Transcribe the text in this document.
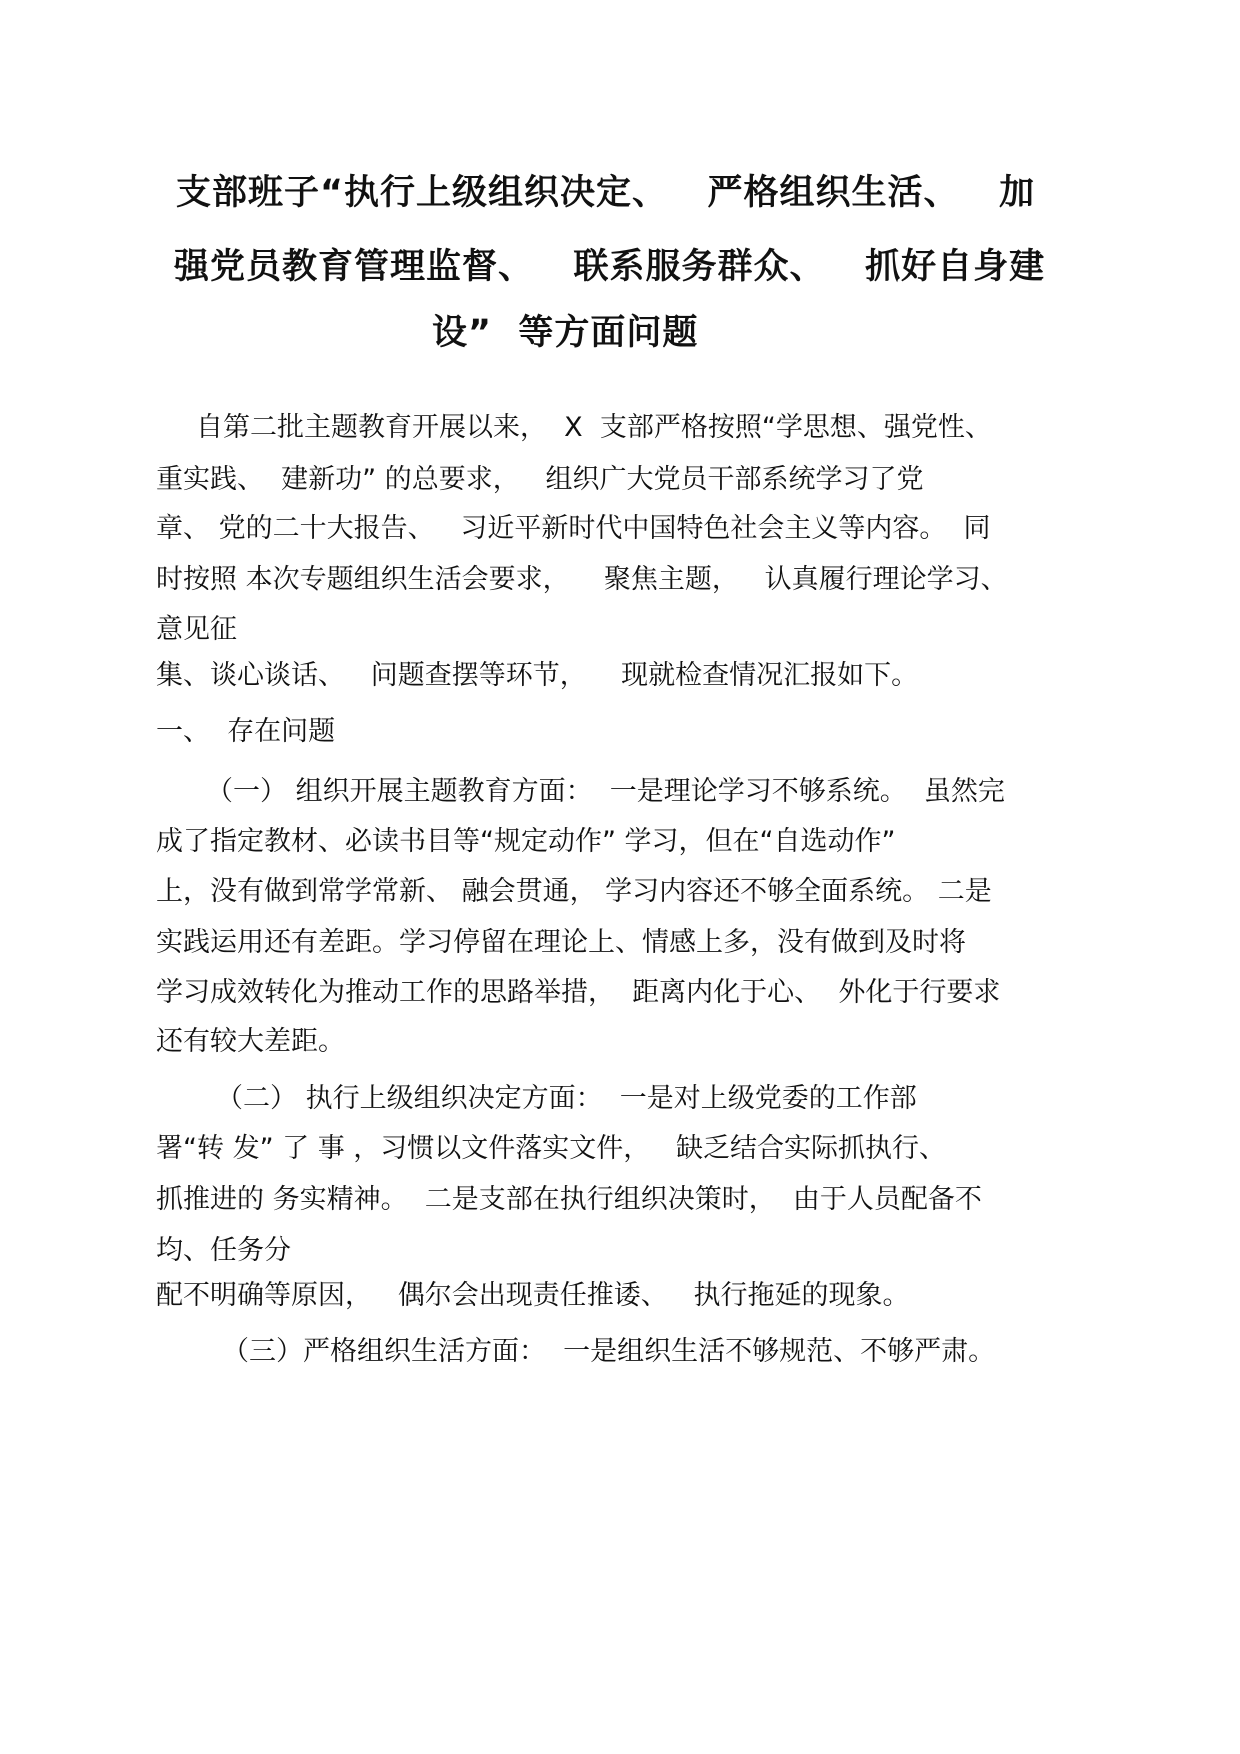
支部班子“执行上级组织决定、   严格组织生活、   加
强党员教育管理监督、   联系服务群众、   抓好自身建
设”  等方面问题
自第二批主题教育开展以来，  X  支部严格按照“学思想、强党性、
重实践、  建新功” 的总要求，   组织广大党员干部系统学习了党
章、 党的二十大报告、   习近平新时代中国特色社会主义等内容。  同
时按照 本次专题组织生活会要求，    聚焦主题，   认真履行理论学习、
意见征
集、谈心谈话、   问题查摆等环节，    现就检查情况汇报如下。
一、  存在问题
（一） 组织开展主题教育方面：  一是理论学习不够系统。  虽然完
成了指定教材、必读书目等“规定动作” 学习，但在“自选动作”
上，没有做到常学常新、 融会贯通， 学习内容还不够全面系统。 二是
实践运用还有差距。学习停留在理论上、情感上多，没有做到及时将
学习成效转化为推动工作的思路举措，  距离内化于心、  外化于行要求
还有较大差距。
（二） 执行上级组织决定方面：  一是对上级党委的工作部
署“转 发” 了 事 ，习惯以文件落实文件，   缺乏结合实际抓执行、
抓推进的 务实精神。  二是支部在执行组织决策时，  由于人员配备不
均、任务分
配不明确等原因，   偶尔会出现责任推诿、   执行拖延的现象。
（三）严格组织生活方面：  一是组织生活不够规范、不够严肃。
